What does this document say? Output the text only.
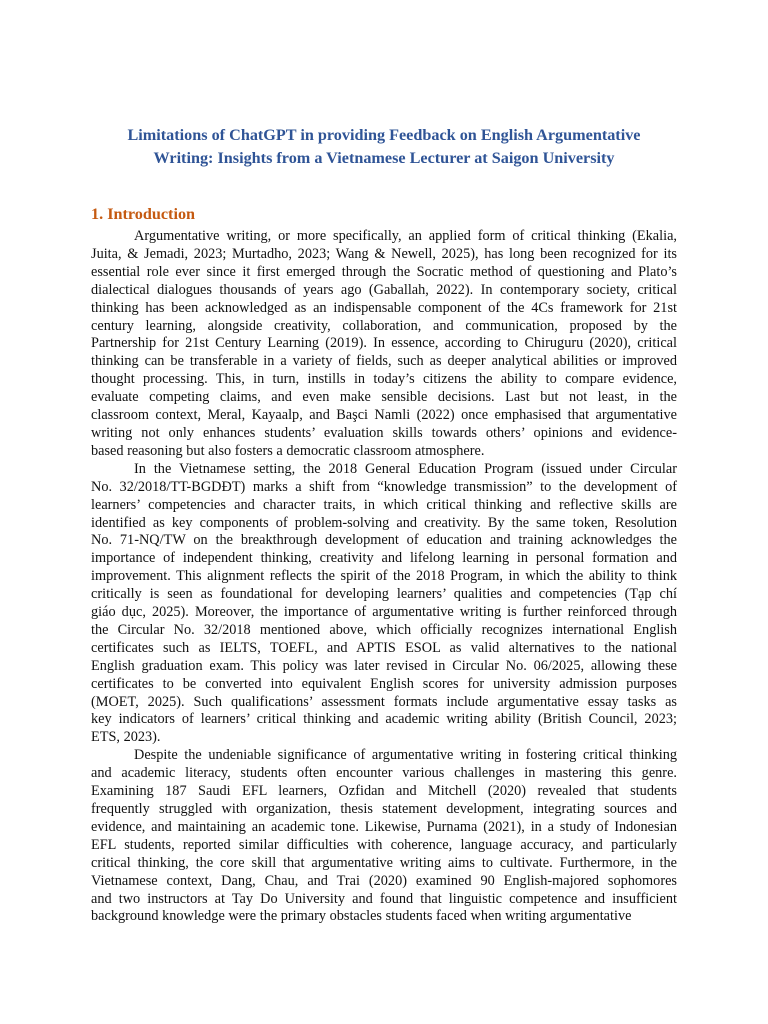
Limitations of ChatGPT in providing Feedback on English Argumentative
Writing: Insights from a Vietnamese Lecturer at Saigon University
1. Introduction
Argumentative writing, or more specifically, an applied form of critical thinking (Ekalia,
Juita, & Jemadi, 2023; Murtadho, 2023; Wang & Newell, 2025), has long been recognized for its
essential role ever since it first emerged through the Socratic method of questioning and Plato’s
dialectical dialogues thousands of years ago (Gaballah, 2022). In contemporary society, critical
thinking has been acknowledged as an indispensable component of the 4Cs framework for 21st
century learning, alongside creativity, collaboration, and communication, proposed by the
Partnership for 21st Century Learning (2019). In essence, according to Chiruguru (2020), critical
thinking can be transferable in a variety of fields, such as deeper analytical abilities or improved
thought processing. This, in turn, instills in today’s citizens the ability to compare evidence,
evaluate competing claims, and even make sensible decisions. Last but not least, in the
classroom context, Meral, Kayaalp, and Başci Namli (2022) once emphasised that argumentative
writing not only enhances students’ evaluation skills towards others’ opinions and evidence-
based reasoning but also fosters a democratic classroom atmosphere.
In the Vietnamese setting, the 2018 General Education Program (issued under Circular
No. 32/2018/TT-BGDĐT) marks a shift from “knowledge transmission” to the development of
learners’ competencies and character traits, in which critical thinking and reflective skills are
identified as key components of problem-solving and creativity. By the same token, Resolution
No. 71-NQ/TW on the breakthrough development of education and training acknowledges the
importance of independent thinking, creativity and lifelong learning in personal formation and
improvement. This alignment reflects the spirit of the 2018 Program, in which the ability to think
critically is seen as foundational for developing learners’ qualities and competencies (Tạp chí
giáo dục, 2025). Moreover, the importance of argumentative writing is further reinforced through
the Circular No. 32/2018 mentioned above, which officially recognizes international English
certificates such as IELTS, TOEFL, and APTIS ESOL as valid alternatives to the national
English graduation exam. This policy was later revised in Circular No. 06/2025, allowing these
certificates to be converted into equivalent English scores for university admission purposes
(MOET, 2025). Such qualifications’ assessment formats include argumentative essay tasks as
key indicators of learners’ critical thinking and academic writing ability (British Council, 2023;
ETS, 2023).
Despite the undeniable significance of argumentative writing in fostering critical thinking
and academic literacy, students often encounter various challenges in mastering this genre.
Examining 187 Saudi EFL learners, Ozfidan and Mitchell (2020) revealed that students
frequently struggled with organization, thesis statement development, integrating sources and
evidence, and maintaining an academic tone. Likewise, Purnama (2021), in a study of Indonesian
EFL students, reported similar difficulties with coherence, language accuracy, and particularly
critical thinking, the core skill that argumentative writing aims to cultivate. Furthermore, in the
Vietnamese context, Dang, Chau, and Trai (2020) examined 90 English-majored sophomores
and two instructors at Tay Do University and found that linguistic competence and insufficient
background knowledge were the primary obstacles students faced when writing argumentative
